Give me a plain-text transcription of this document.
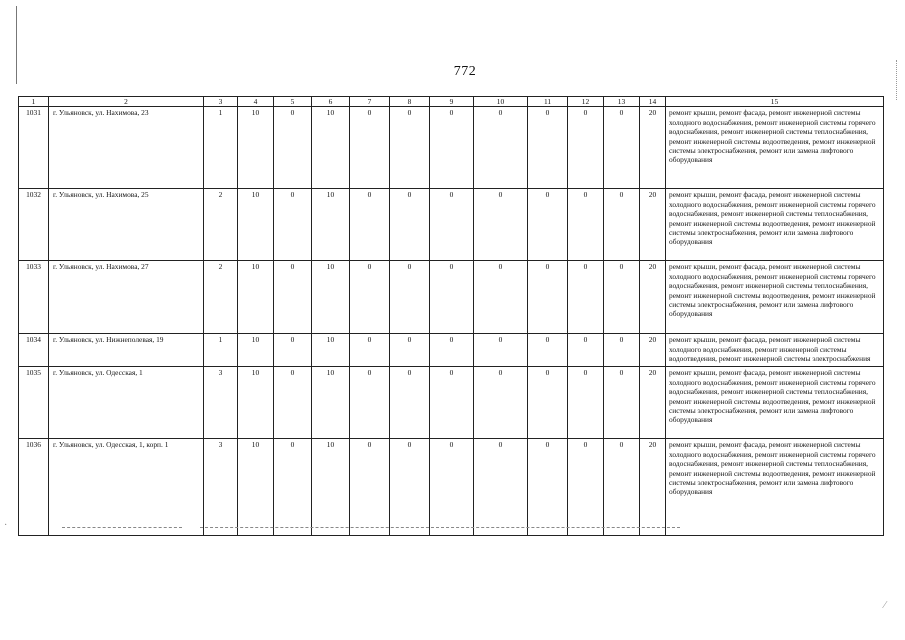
772
1	2	3	4	5	6	7	8	9	10	11	12	13	14	15
1031	г. Ульяновск, ул. Нахимова, 23	1	10	0	10	0	0	0	0	0	0	0	20	ремонт крыши, ремонт фасада, ремонт инженерной системы холодного водоснабжения, ремонт инженерной системы горячего водоснабжения, ремонт инженерной системы теплоснабжения, ремонт инженерной системы водоотведения, ремонт инженерной системы электроснабжения, ремонт или замена лифтового оборудования
1032	г. Ульяновск, ул. Нахимова, 25	2	10	0	10	0	0	0	0	0	0	0	20	ремонт крыши, ремонт фасада, ремонт инженерной системы холодного водоснабжения, ремонт инженерной системы горячего водоснабжения, ремонт инженерной системы теплоснабжения, ремонт инженерной системы водоотведения, ремонт инженерной системы электроснабжения, ремонт или замена лифтового оборудования
1033	г. Ульяновск, ул. Нахимова, 27	2	10	0	10	0	0	0	0	0	0	0	20	ремонт крыши, ремонт фасада, ремонт инженерной системы холодного водоснабжения, ремонт инженерной системы горячего водоснабжения, ремонт инженерной системы теплоснабжения, ремонт инженерной системы водоотведения, ремонт инженерной системы электроснабжения, ремонт или замена лифтового оборудования
1034	г. Ульяновск, ул. Нижнеполевая, 19	1	10	0	10	0	0	0	0	0	0	0	20	ремонт крыши, ремонт фасада, ремонт инженерной системы холодного водоснабжения, ремонт инженерной системы водоотведения, ремонт инженерной системы электроснабжения
1035	г. Ульяновск, ул. Одесская, 1	3	10	0	10	0	0	0	0	0	0	0	20	ремонт крыши, ремонт фасада, ремонт инженерной системы холодного водоснабжения, ремонт инженерной системы горячего водоснабжения, ремонт инженерной системы теплоснабжения, ремонт инженерной системы водоотведения, ремонт инженерной системы электроснабжения, ремонт или замена лифтового оборудования
1036	г. Ульяновск, ул. Одесская, 1, корп. 1	3	10	0	10	0	0	0	0	0	0	0	20	ремонт крыши, ремонт фасада, ремонт инженерной системы холодного водоснабжения, ремонт инженерной системы горячего водоснабжения, ремонт инженерной системы теплоснабжения, ремонт инженерной системы водоотведения, ремонт инженерной системы электроснабжения, ремонт или замена лифтового оборудования
·
⁄
